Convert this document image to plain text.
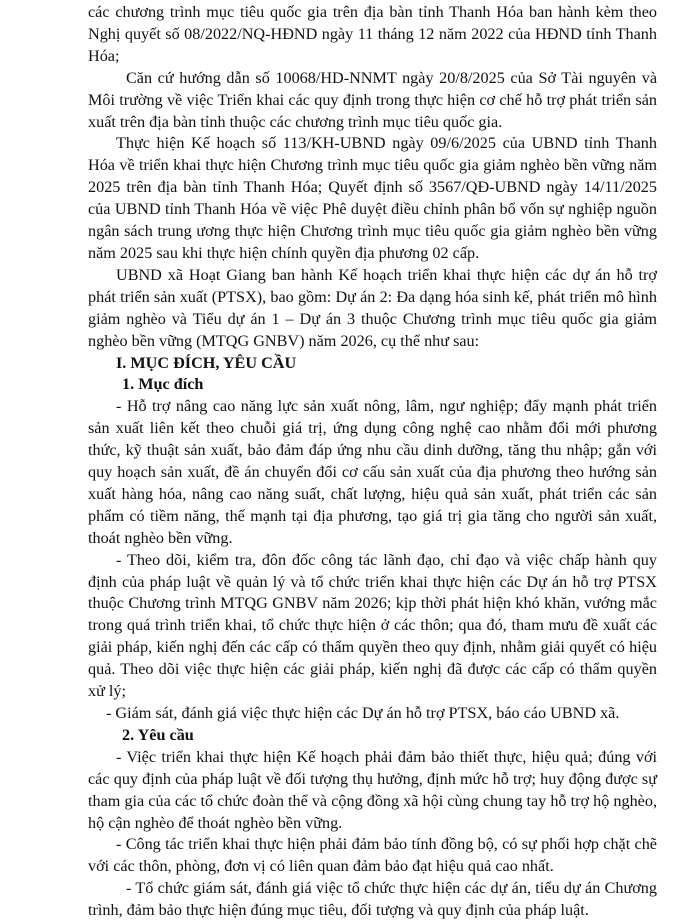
các chương trình mục tiêu quốc gia trên địa bàn tỉnh Thanh Hóa ban hành kèm theo Nghị quyết số 08/2022/NQ-HĐND ngày 11 tháng 12 năm 2022 của HĐND tỉnh Thanh Hóa;

Căn cứ hướng dẫn số 10068/HD-NNMT ngày 20/8/2025 của Sở Tài nguyên và Môi trường về việc Triển khai các quy định trong thực hiện cơ chế hỗ trợ phát triển sản xuất trên địa bàn tỉnh thuộc các chương trình mục tiêu quốc gia.

Thực hiện Kế hoạch số 113/KH-UBND ngày 09/6/2025 của UBND tỉnh Thanh Hóa về triển khai thực hiện Chương trình mục tiêu quốc gia giảm nghèo bền vững năm 2025 trên địa bàn tỉnh Thanh Hóa; Quyết định số 3567/QĐ-UBND ngày 14/11/2025 của UBND tỉnh Thanh Hóa về việc Phê duyệt điều chỉnh phân bổ vốn sự nghiệp nguồn ngân sách trung ương thực hiện Chương trình mục tiêu quốc gia giảm nghèo bền vững năm 2025 sau khi thực hiện chính quyền địa phương 02 cấp.

UBND xã Hoạt Giang ban hành Kế hoạch triển khai thực hiện các dự án hỗ trợ phát triển sản xuất (PTSX), bao gồm: Dự án 2: Đa dạng hóa sinh kế, phát triển mô hình giảm nghèo và Tiểu dự án 1 – Dự án 3 thuộc Chương trình mục tiêu quốc gia giảm nghèo bền vững (MTQG GNBV) năm 2026, cụ thể như sau:

I. MỤC ĐÍCH, YÊU CẦU

1. Mục đích

- Hỗ trợ nâng cao năng lực sản xuất nông, lâm, ngư nghiệp; đẩy mạnh phát triển sản xuất liên kết theo chuỗi giá trị, ứng dụng công nghệ cao nhằm đổi mới phương thức, kỹ thuật sản xuất, bảo đảm đáp ứng nhu cầu dinh dưỡng, tăng thu nhập; gắn với quy hoạch sản xuất, đề án chuyển đổi cơ cấu sản xuất của địa phương theo hướng sản xuất hàng hóa, nâng cao năng suất, chất lượng, hiệu quả sản xuất, phát triển các sản phẩm có tiềm năng, thế mạnh tại địa phương, tạo giá trị gia tăng cho người sản xuất, thoát nghèo bền vững.

- Theo dõi, kiểm tra, đôn đốc công tác lãnh đạo, chỉ đạo và việc chấp hành quy định của pháp luật về quản lý và tổ chức triển khai thực hiện các Dự án hỗ trợ PTSX thuộc Chương trình MTQG GNBV năm 2026; kịp thời phát hiện khó khăn, vướng mắc trong quá trình triển khai, tổ chức thực hiện ở các thôn; qua đó, tham mưu đề xuất các giải pháp, kiến nghị đến các cấp có thẩm quyền theo quy định, nhằm giải quyết có hiệu quả. Theo dõi việc thực hiện các giải pháp, kiến nghị đã được các cấp có thẩm quyền xử lý;

- Giám sát, đánh giá việc thực hiện các Dự án hỗ trợ PTSX, báo cáo UBND xã.

2. Yêu cầu

- Việc triển khai thực hiện Kế hoạch phải đảm bảo thiết thực, hiệu quả; đúng với các quy định của pháp luật về đối tượng thụ hưởng, định mức hỗ trợ; huy động được sự tham gia của các tổ chức đoàn thể và cộng đồng xã hội cùng chung tay hỗ trợ hộ nghèo, hộ cận nghèo để thoát nghèo bền vững.

- Công tác triển khai thực hiện phải đảm bảo tính đồng bộ, có sự phối hợp chặt chẽ với các thôn, phòng, đơn vị có liên quan đảm bảo đạt hiệu quả cao nhất.

- Tổ chức giám sát, đánh giá việc tổ chức thực hiện các dự án, tiểu dự án Chương trình, đảm bảo thực hiện đúng mục tiêu, đối tượng và quy định của pháp luật.
